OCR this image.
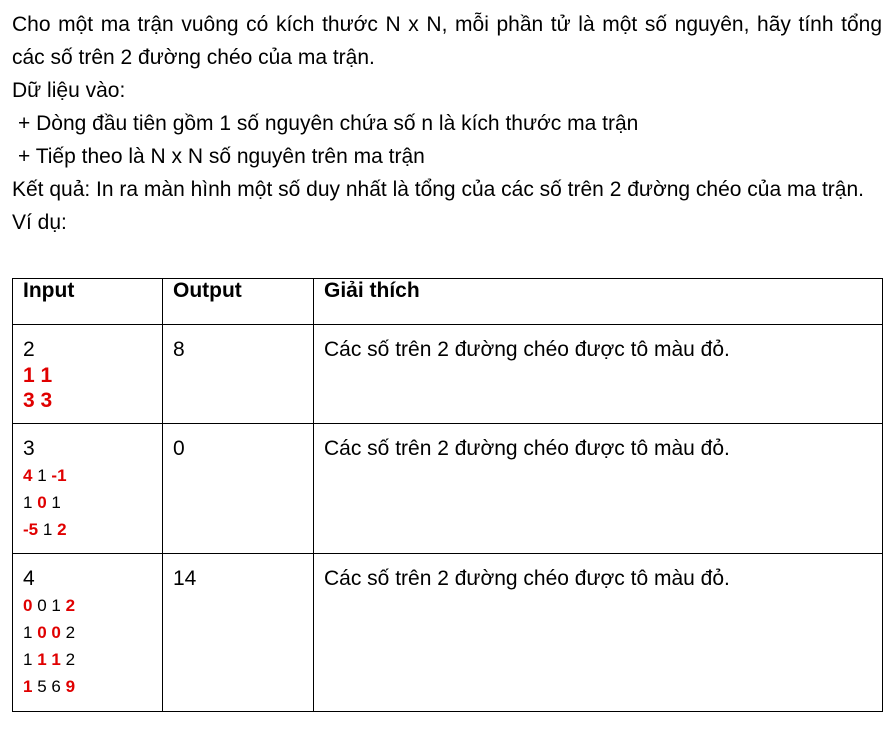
Cho một ma trận vuông có kích thước N x N, mỗi phần tử là một số nguyên, hãy tính tổng các số trên 2 đường chéo của ma trận.

Dữ liệu vào:

+ Dòng đầu tiên gồm 1 số nguyên chứa số n là kích thước ma trận

+ Tiếp theo là N x N số nguyên trên ma trận

Kết quả: In ra màn hình một số duy nhất là tổng của các số trên 2 đường chéo của ma trận.

Ví dụ:

Input	Output	Giải thích

2
1 1
3 3	8	Các số trên 2 đường chéo được tô màu đỏ.

3
4 1 -1
1 0 1
-5 1 2	0	Các số trên 2 đường chéo được tô màu đỏ.

4
0 0 1 2
1 0 0 2
1 1 1 2
1 5 6 9	14	Các số trên 2 đường chéo được tô màu đỏ.
